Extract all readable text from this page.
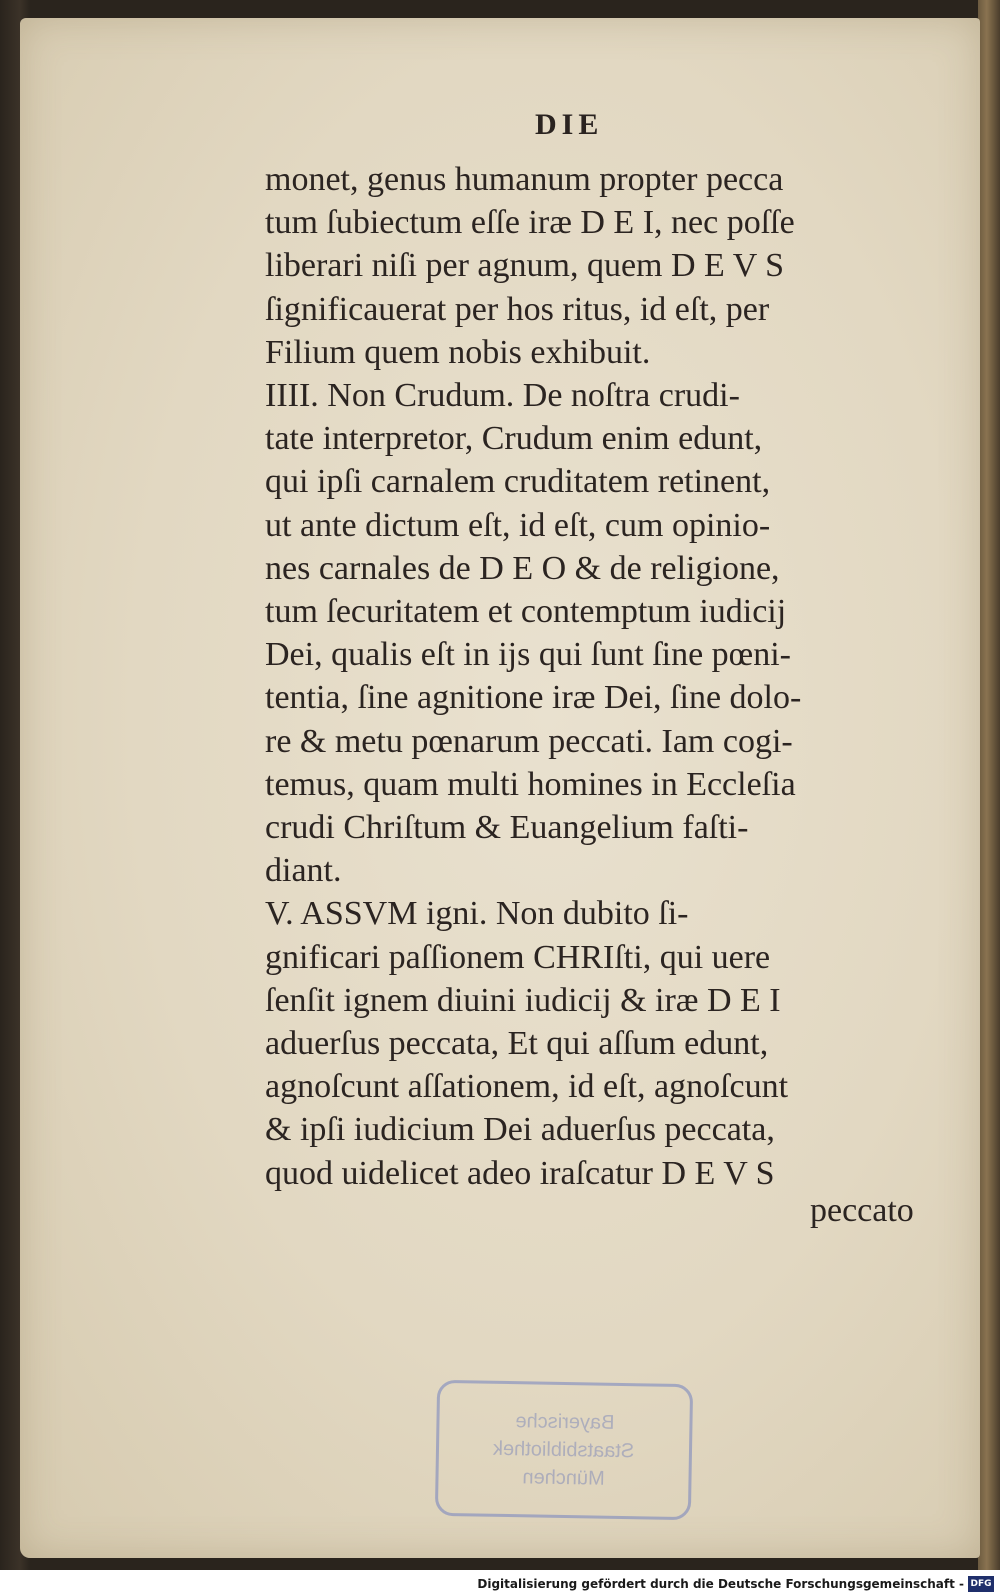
DIE
monet, genus humanum propter pecca
tum ſubiectum eſſe iræ D E I, nec poſſe
liberari niſi per agnum, quem D E V S
ſignificauerat per hos ritus, id eſt, per
Filium quem nobis exhibuit.
IIII. Non Crudum. De noſtra crudi-
tate interpretor, Crudum enim edunt,
qui ipſi carnalem cruditatem retinent,
ut ante dictum eſt, id eſt, cum opinio-
nes carnales de D E O & de religione,
tum ſecuritatem et contemptum iudicij
Dei, qualis eſt in ijs qui ſunt ſine pœni-
tentia, ſine agnitione iræ Dei, ſine dolo-
re & metu pœnarum peccati. Iam cogi-
temus, quam multi homines in Eccleſia
crudi Chriſtum & Euangelium faſti-
diant.
V. ASSVM igni. Non dubito ſi-
gnificari paſſionem CHRIſti, qui uere
ſenſit ignem diuini iudicij & iræ D E I
aduerſus peccata, Et qui aſſum edunt,
agnoſcunt aſſationem, id eſt, agnoſcunt
& ipſi iudicium Dei aduerſus peccata,
quod uidelicet adeo iraſcatur D E V S
peccato
Bayerische
Staatsbibliothek
München
Digitalisierung gefördert durch die Deutsche Forschungsgemeinschaft - DFG
